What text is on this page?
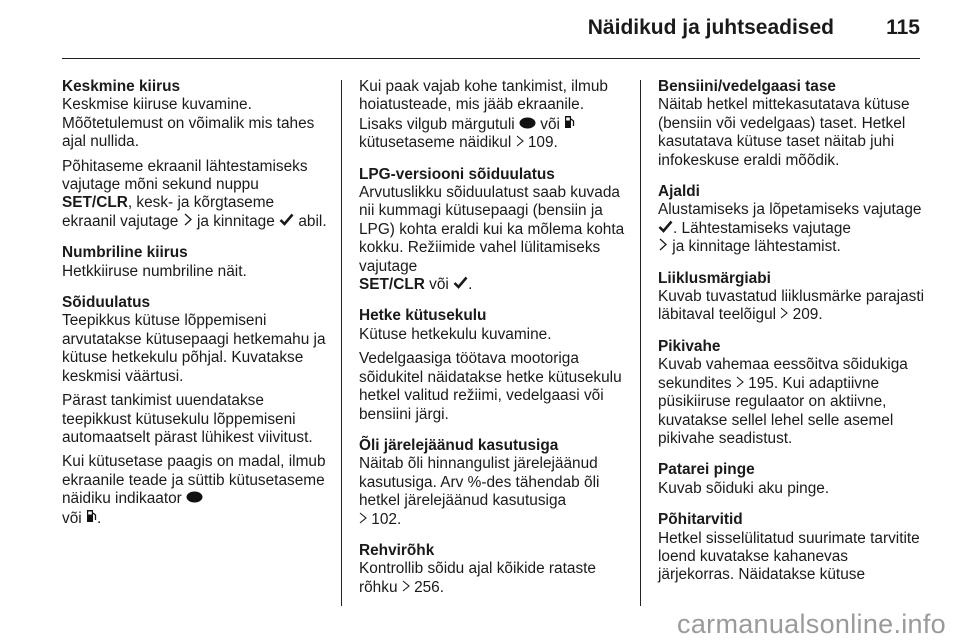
Näidikud ja juhtseadised 115
Keskmine kiirus

Keskmise kiiruse kuvamine. Mõõtetulemust on võimalik mis tahes ajal nullida.

Põhitaseme ekraanil lähtestamiseks vajutage mõni sekund nuppu SET/CLR, kesk- ja kõrgtaseme ekraanil vajutage ja kinnitage abil.

Numbriline kiirus

Hetkkiiruse numbriline näit.

Sõiduulatus

Teepikkus kütuse lõppemiseni arvutatakse kütusepaagi hetkemahu ja kütuse hetkekulu põhjal. Kuvatakse keskmisi väärtusi.

Pärast tankimist uuendatakse teepikkust kütusekulu lõppemiseni automaatselt pärast lühikest viivitust.

Kui kütusetase paagis on madal, ilmub ekraanile teade ja süttib kütusetaseme näidiku indikaator
või .

Kui paak vajab kohe tankimist, ilmub hoiatusteade, mis jääb ekraanile. Lisaks vilgub märgutuli või
kütusetaseme näidikul 109.

LPG-versiooni sõiduulatus

Arvutuslikku sõiduulatust saab kuvada nii kummagi kütusepaagi (bensiin ja LPG) kohta eraldi kui ka mõlema kohta kokku. Režiimide vahel lülitamiseks vajutage
SET/CLR või .

Hetke kütusekulu

Kütuse hetkekulu kuvamine.

Vedelgaasiga töötava mootoriga sõidukitel näidatakse hetke kütusekulu hetkel valitud režiimi, vedelgaasi või bensiini järgi.

Õli järelejäänud kasutusiga

Näitab õli hinnangulist järelejäänud kasutusiga. Arv %-des tähendab õli hetkel järelejäänud kasutusiga
102.

Rehvirõhk

Kontrollib sõidu ajal kõikide rataste rõhku 256.

Bensiini/vedelgaasi tase

Näitab hetkel mittekasutatava kütuse (bensiin või vedelgaas) taset. Hetkel kasutatava kütuse taset näitab juhi infokeskuse eraldi mõõdik.

Ajaldi

Alustamiseks ja lõpetamiseks vajutage . Lähtestamiseks vajutage
ja kinnitage lähtestamist.

Liiklusmärgiabi

Kuvab tuvastatud liiklusmärke parajasti läbitaval teelõigul 209.

Pikivahe

Kuvab vahemaa eessõitva sõidukiga sekundites 195. Kui adaptiivne püsikiiruse regulaator on aktiivne, kuvatakse sellel lehel selle asemel pikivahe seadistust.

Patarei pinge

Kuvab sõiduki aku pinge.

Põhitarvitid

Hetkel sisselülitatud suurimate tarvitite loend kuvatakse kahanevas järjekorras. Näidatakse kütuse

carmanualsonline.info
